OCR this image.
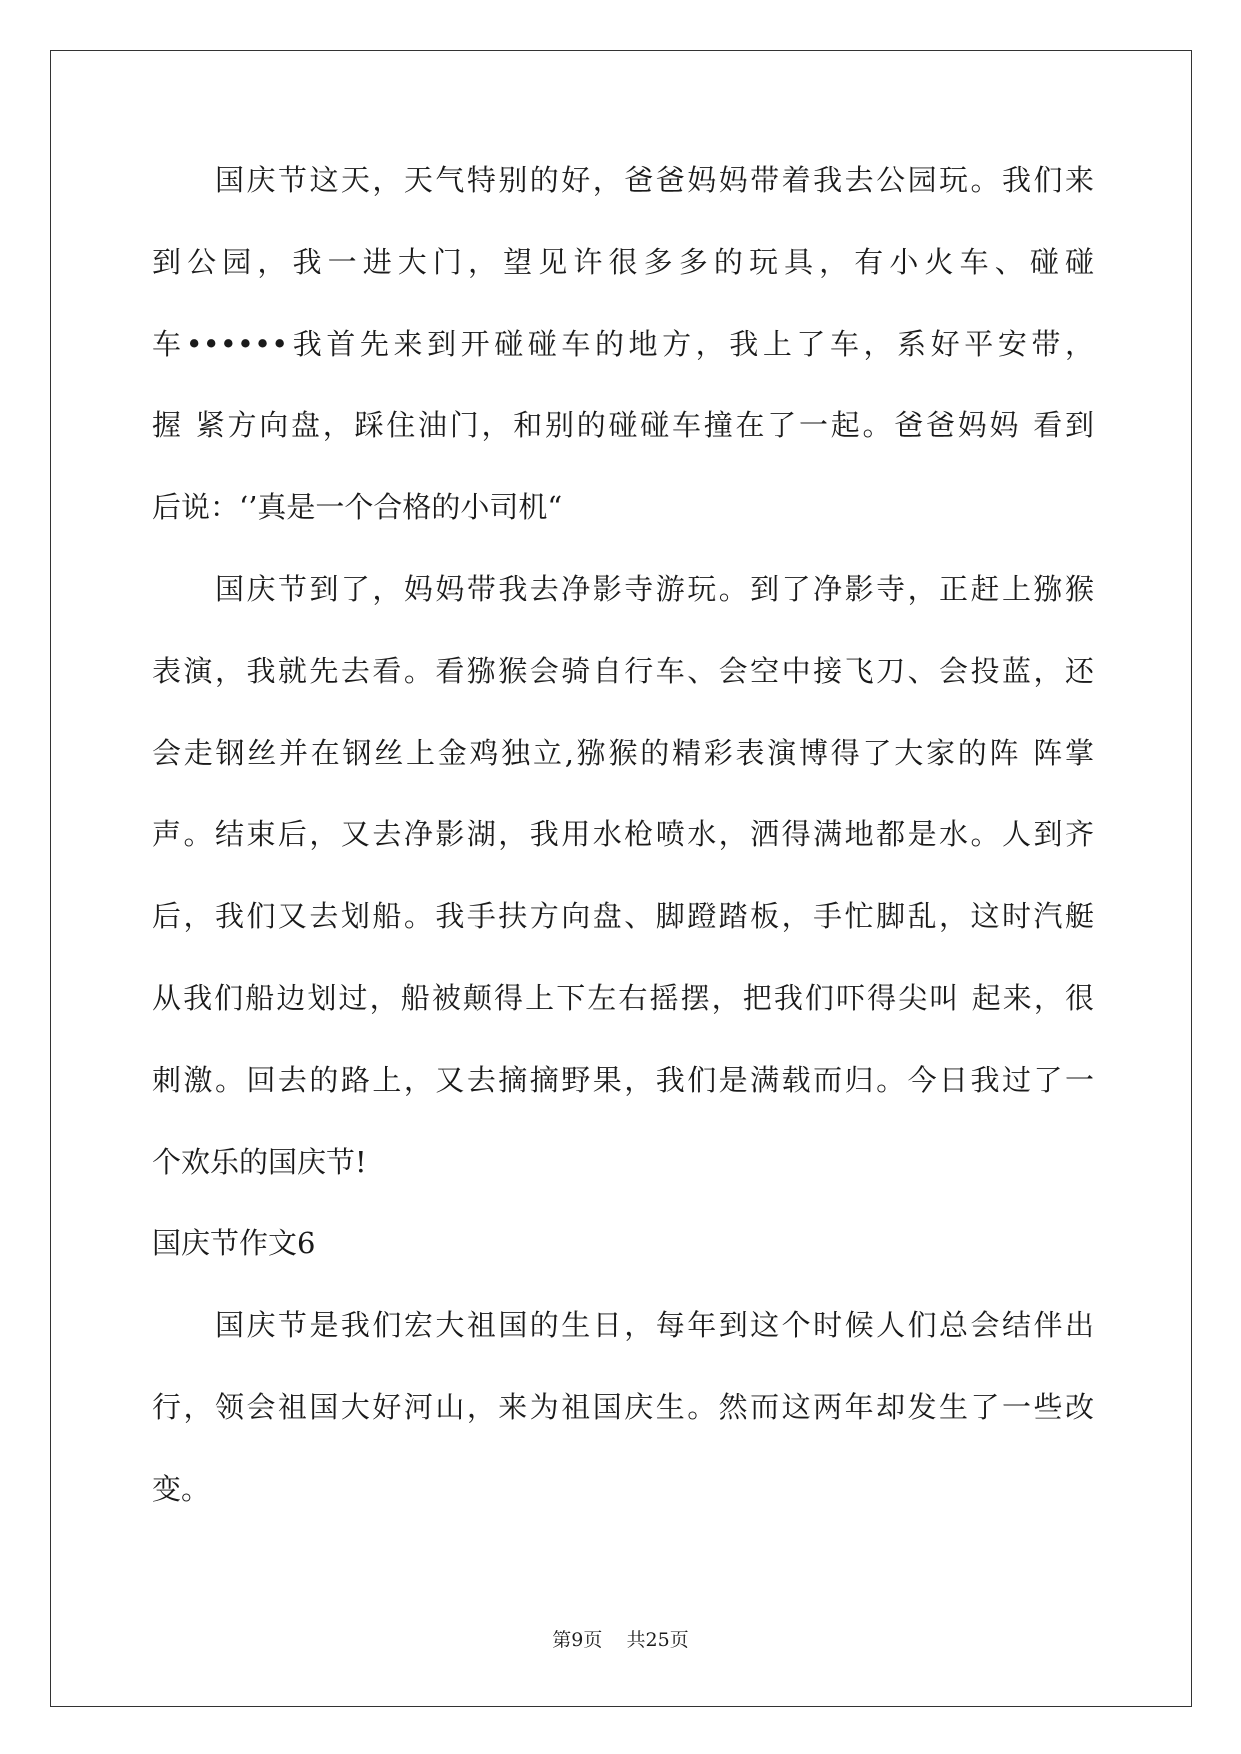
国庆节这天，天气特别的好，爸爸妈妈带着我去公园玩。我们来
到公园，我一进大门，望见许很多多的玩具，有小火车、碰碰
车••••••我首先来到开碰碰车的地方，我上了车，系好平安带，
握 紧方向盘，踩住油门，和别的碰碰车撞在了一起。爸爸妈妈 看到
后说：‘’真是一个合格的小司机“
国庆节到了，妈妈带我去净影寺游玩。到了净影寺，正赶上猕猴
表演，我就先去看。看猕猴会骑自行车、会空中接飞刀、会投蓝，还
会走钢丝并在钢丝上金鸡独立,猕猴的精彩表演博得了大家的阵 阵掌
声。结束后，又去净影湖，我用水枪喷水，洒得满地都是水。人到齐
后，我们又去划船。我手扶方向盘、脚蹬踏板，手忙脚乱，这时汽艇
从我们船边划过，船被颠得上下左右摇摆，把我们吓得尖叫 起来，很
刺激。回去的路上，又去摘摘野果，我们是满载而归。今日我过了一
个欢乐的国庆节!
国庆节作文6
国庆节是我们宏大祖国的生日，每年到这个时候人们总会结伴出
行，领会祖国大好河山，来为祖国庆生。然而这两年却发生了一些改
变。
第9页    共25页
